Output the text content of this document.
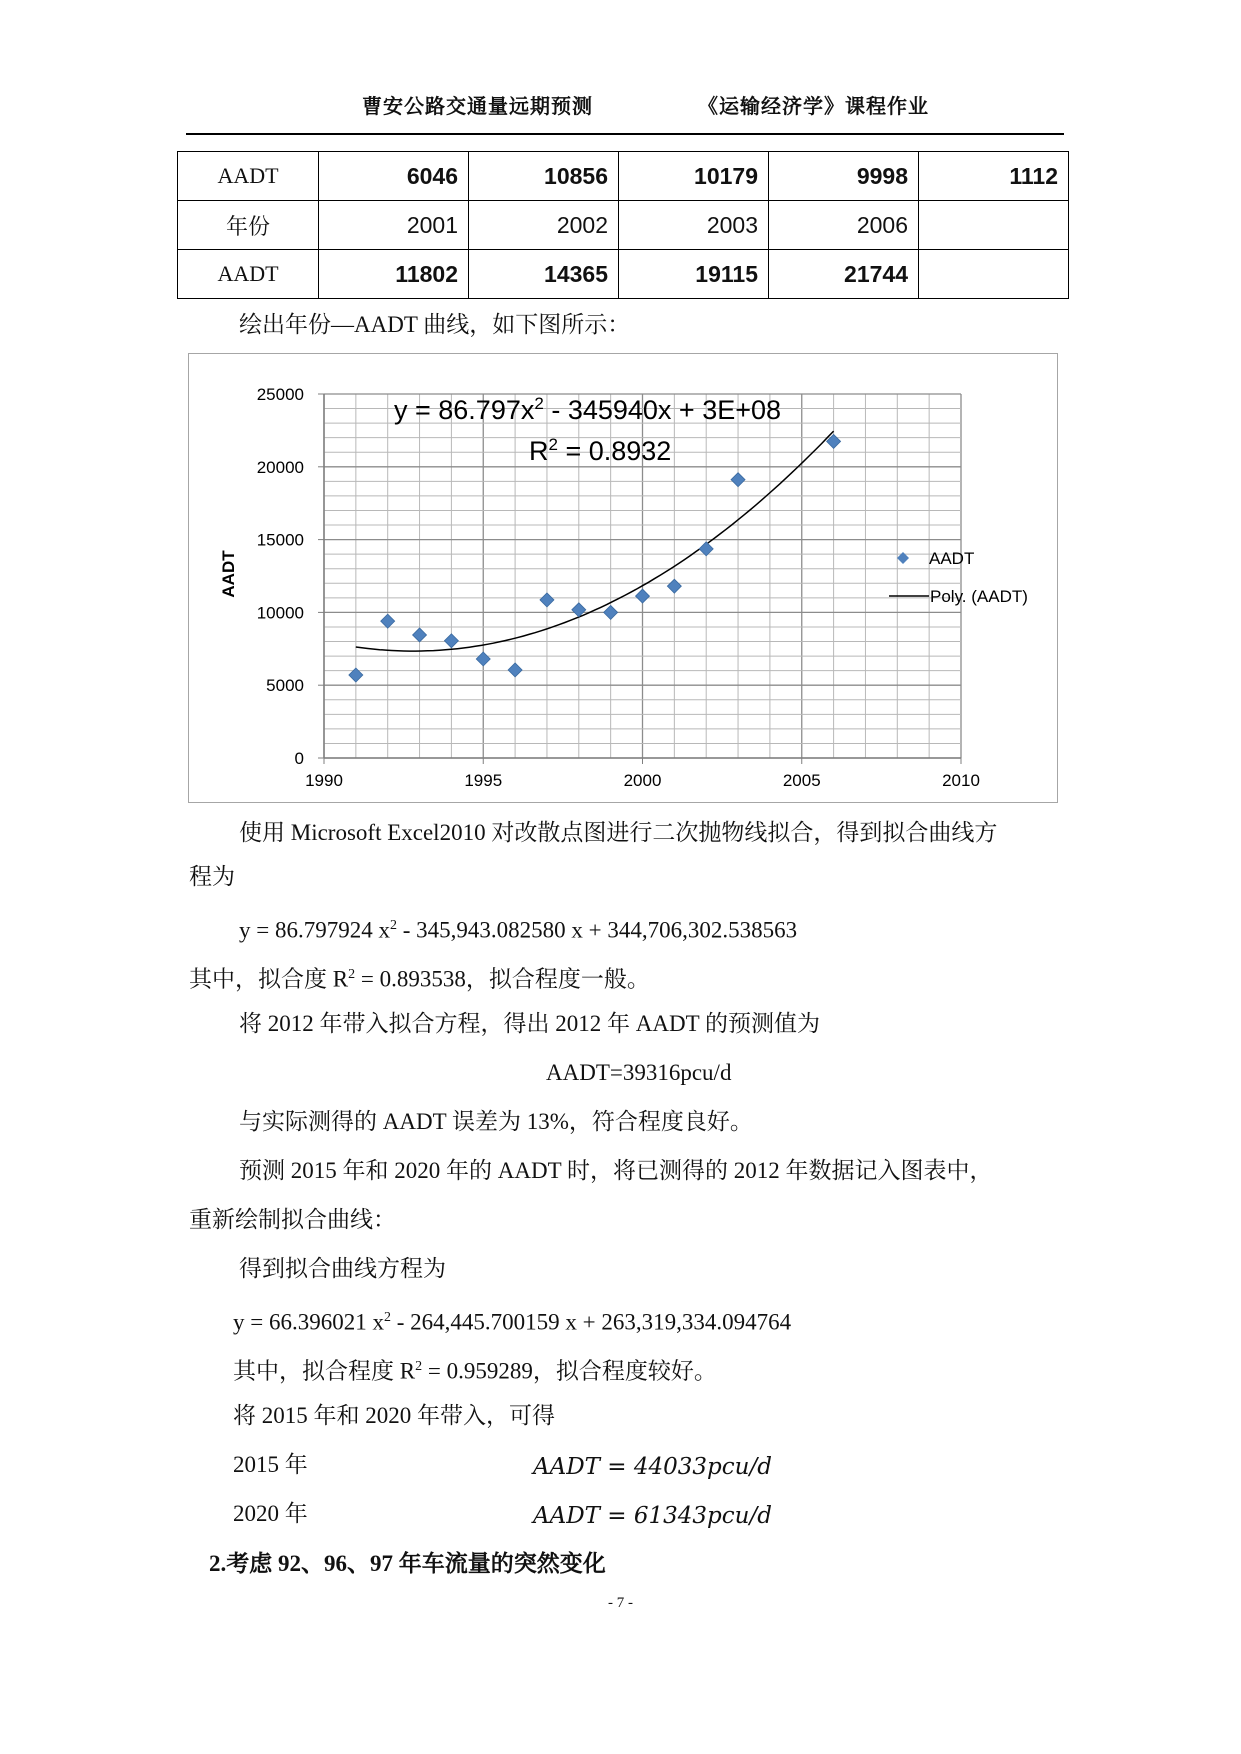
曹安公路交通量远期预测	《运输经济学》课程作业
AADT	6046	10856	10179	9998	1112
年份	2001	2002	2003	2006	
AADT	11802	14365	19115	21744	
绘出年份—AADT 曲线，如下图所示：
1990	1995	2000	2005	2010
0
5000
10000
15000
20000
25000
AADT
$y = 86.797x^2 - 345940x + 3E+08$
$R^2 = 0.8932$
AADT
Poly. (AADT)
使用 Microsoft Excel2010 对改散点图进行二次抛物线拟合，得到拟合曲线方
程为
y = 86.797924 $x^2 - 345,943.082580$ x + 344,706,302.538563
其中，拟合度 $R^2 = 0.893538$，拟合程度一般。
将 2012 年带入拟合方程，得出 2012 年 AADT 的预测值为
AADT=39316pcu/d
与实际测得的 AADT 误差为 13%，符合程度良好。
预测 2015 年和 2020 年的 AADT 时，将已测得的 2012 年数据记入图表中，
重新绘制拟合曲线：
得到拟合曲线方程为
y = 66.396021 $x^2 - 264,445.700159$ x + 263,319,334.094764
其中，拟合程度 $R^2 = 0.959289$，拟合程度较好。
将 2015 年和 2020 年带入，可得
2015 年	AADT = 44033pcu/d
2020 年	AADT = 61343pcu/d
2.考虑 92、96、97 年车流量的突然变化
- 7 -
